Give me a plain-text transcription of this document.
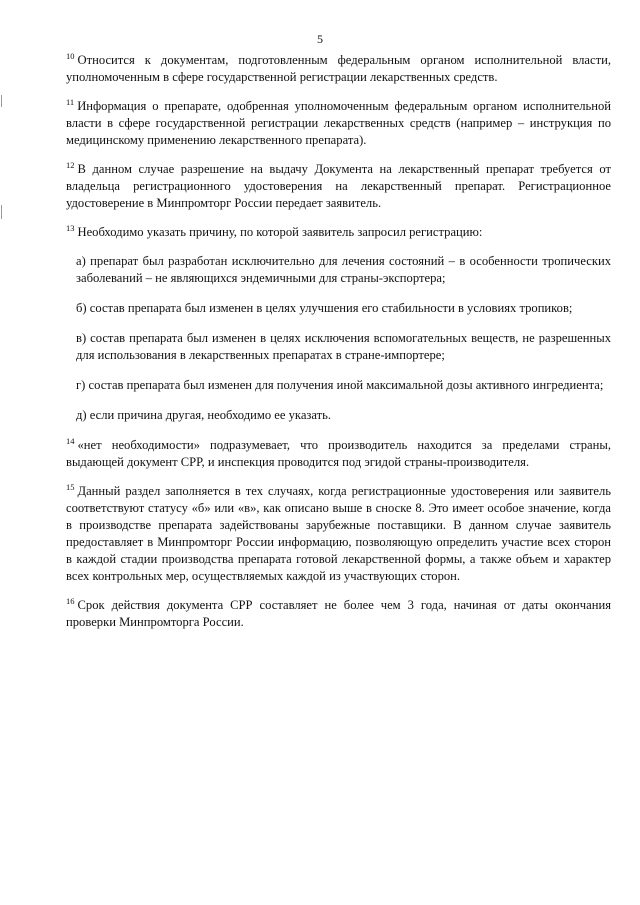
5

$^{10}$ Относится к документам, подготовленным федеральным органом исполнительной власти, уполномоченным в сфере государственной регистрации лекарственных средств.

$^{11}$ Информация о препарате, одобренная уполномоченным федеральным органом исполнительной власти в сфере государственной регистрации лекарственных средств (например – инструкция по медицинскому применению лекарственного препарата).

$^{12}$ В данном случае разрешение на выдачу Документа на лекарственный препарат требуется от владельца регистрационного удостоверения на лекарственный препарат. Регистрационное удостоверение в Минпромторг России передает заявитель.

$^{13}$ Необходимо указать причину, по которой заявитель запросил регистрацию:

а) препарат был разработан исключительно для лечения состояний – в особенности тропических заболеваний – не являющихся эндемичными для страны-экспортера;

б) состав препарата был изменен в целях улучшения его стабильности в условиях тропиков;

в) состав препарата был изменен в целях исключения вспомогательных веществ, не разрешенных для использования в лекарственных препаратах в стране-импортере;

г) состав препарата был изменен для получения иной максимальной дозы активного ингредиента;

д) если причина другая, необходимо ее указать.

$^{14}$ «нет необходимости» подразумевает, что производитель находится за пределами страны, выдающей документ СРР, и инспекция проводится под эгидой страны-производителя.

$^{15}$ Данный раздел заполняется в тех случаях, когда регистрационные удостоверения или заявитель соответствуют статусу «б» или «в», как описано выше в сноске 8. Это имеет особое значение, когда в производстве препарата задействованы зарубежные поставщики. В данном случае заявитель предоставляет в Минпромторг России информацию, позволяющую определить участие всех сторон в каждой стадии производства препарата готовой лекарственной формы, а также объем и характер всех контрольных мер, осуществляемых каждой из участвующих сторон.

$^{16}$ Срок действия документа СРР составляет не более чем 3 года, начиная от даты окончания проверки Минпромторга России.
